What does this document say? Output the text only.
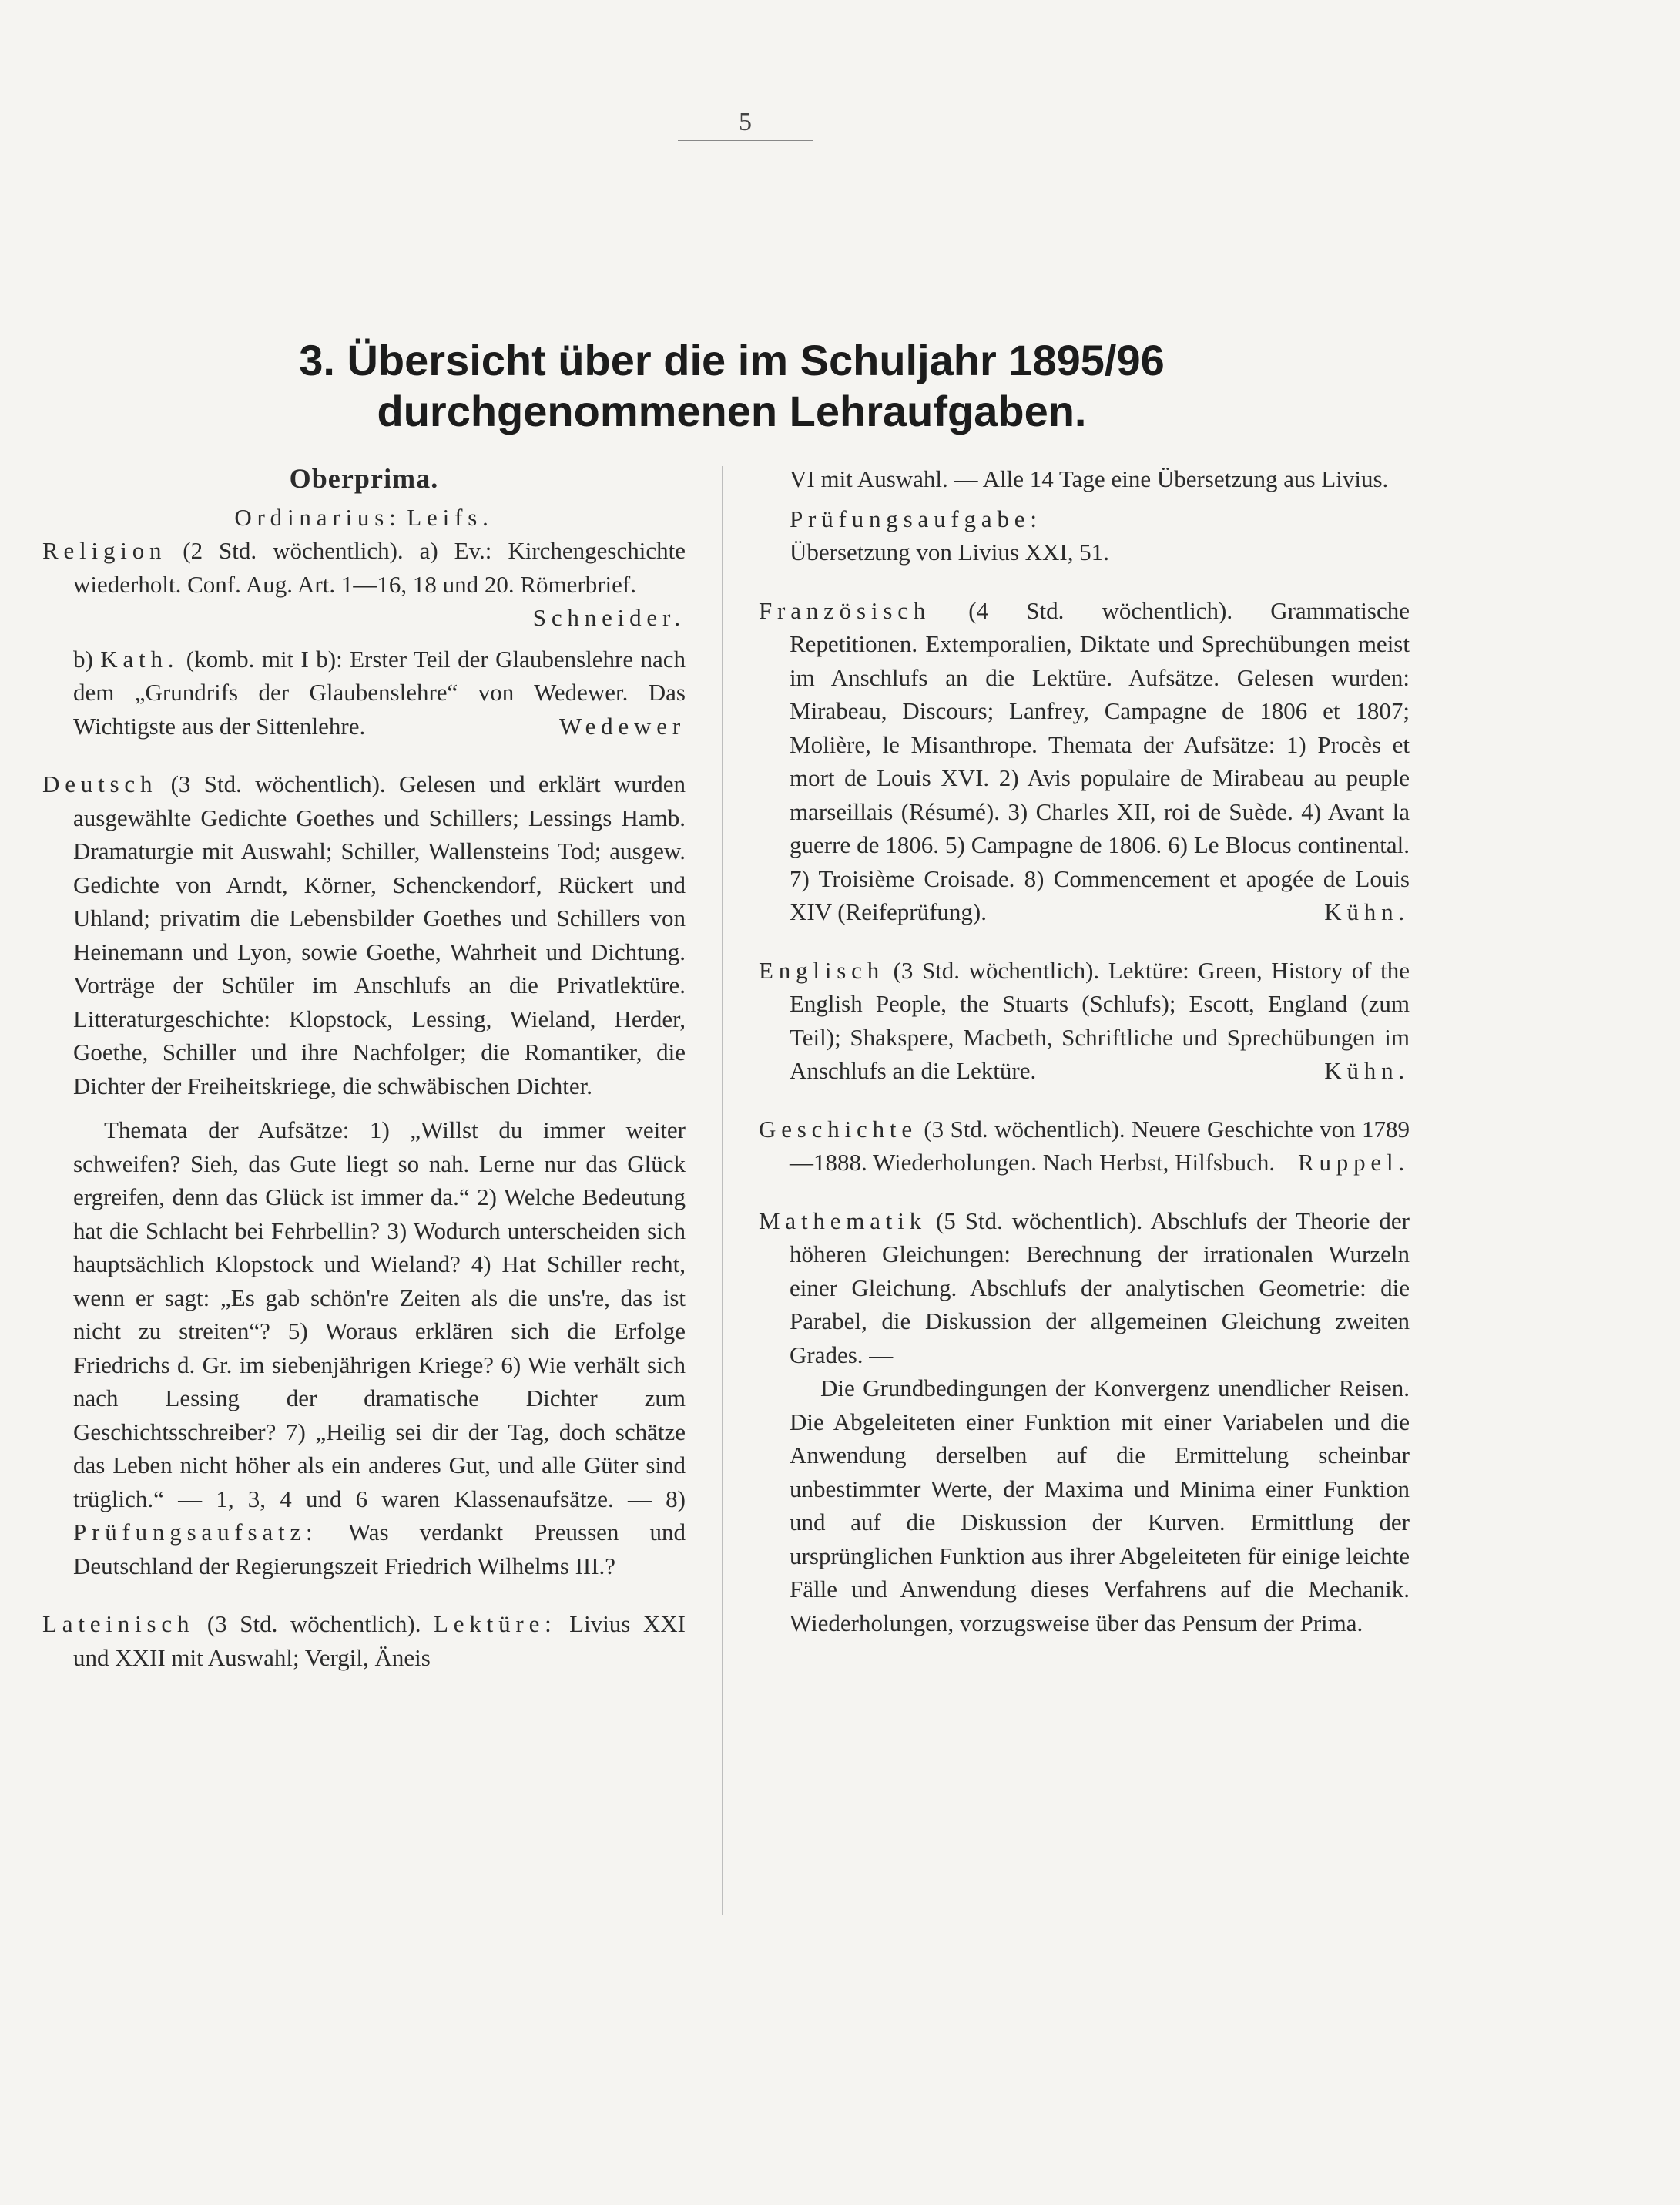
5
3. Übersicht über die im Schuljahr 1895/96
durchgenommenen Lehraufgaben.

Oberprima.

Ordinarius: Leifs.

Religion (2 Std. wöchentlich). a) Ev.: Kirchengeschichte wiederholt. Conf. Aug. Art. 1—16, 18 und 20. Römerbrief.
Schneider.

b) Kath. (komb. mit I b): Erster Teil der Glaubenslehre nach dem „Grundrifs der Glaubenslehre“ von Wedewer. Das Wichtigste aus der Sittenlehre.	Wedewer

Deutsch (3 Std. wöchentlich). Gelesen und erklärt wurden ausgewählte Gedichte Goethes und Schillers; Lessings Hamb. Dramaturgie mit Auswahl; Schiller, Wallensteins Tod; ausgew. Gedichte von Arndt, Körner, Schenckendorf, Rückert und Uhland; privatim die Lebensbilder Goethes und Schillers von Heinemann und Lyon, sowie Goethe, Wahrheit und Dichtung. Vorträge der Schüler im Anschlufs an die Privatlektüre. Litteraturgeschichte: Klopstock, Lessing, Wieland, Herder, Goethe, Schiller und ihre Nachfolger; die Romantiker, die Dichter der Freiheitskriege, die schwäbischen Dichter.

Themata der Aufsätze: 1) „Willst du immer weiter schweifen? Sieh, das Gute liegt so nah. Lerne nur das Glück ergreifen, denn das Glück ist immer da.“ 2) Welche Bedeutung hat die Schlacht bei Fehrbellin? 3) Wodurch unterscheiden sich hauptsächlich Klopstock und Wieland? 4) Hat Schiller recht, wenn er sagt: „Es gab schön're Zeiten als die uns're, das ist nicht zu streiten“? 5) Woraus erklären sich die Erfolge Friedrichs d. Gr. im siebenjährigen Kriege? 6) Wie verhält sich nach Lessing der dramatische Dichter zum Geschichtsschreiber? 7) „Heilig sei dir der Tag, doch schätze das Leben nicht höher als ein anderes Gut, und alle Güter sind trüglich.“ — 1, 3, 4 und 6 waren Klassenaufsätze. — 8) Prüfungsaufsatz: Was verdankt Preussen und Deutschland der Regierungszeit Friedrich Wilhelms III.?

Lateinisch (3 Std. wöchentlich). Lektüre: Livius XXI und XXII mit Auswahl; Vergil, Äneis

VI mit Auswahl. — Alle 14 Tage eine Übersetzung aus Livius.

Prüfungsaufgabe:

Übersetzung von Livius XXI, 51.

Französisch (4 Std. wöchentlich). Grammatische Repetitionen. Extemporalien, Diktate und Sprechübungen meist im Anschlufs an die Lektüre. Aufsätze. Gelesen wurden: Mirabeau, Discours; Lanfrey, Campagne de 1806 et 1807; Molière, le Misanthrope. Themata der Aufsätze: 1) Procès et mort de Louis XVI. 2) Avis populaire de Mirabeau au peuple marseillais (Résumé). 3) Charles XII, roi de Suède. 4) Avant la guerre de 1806. 5) Campagne de 1806. 6) Le Blocus continental. 7) Troisième Croisade. 8) Commencement et apogée de Louis XIV (Reifeprüfung).	Kühn.

Englisch (3 Std. wöchentlich). Lektüre: Green, History of the English People, the Stuarts (Schlufs); Escott, England (zum Teil); Shakspere, Macbeth, Schriftliche und Sprechübungen im Anschlufs an die Lektüre.	Kühn.

Geschichte (3 Std. wöchentlich). Neuere Geschichte von 1789—1888. Wiederholungen. Nach Herbst, Hilfsbuch. Ruppel.

Mathematik (5 Std. wöchentlich). Abschlufs der Theorie der höheren Gleichungen: Berechnung der irrationalen Wurzeln einer Gleichung. Abschlufs der analytischen Geometrie: die Parabel, die Diskussion der allgemeinen Gleichung zweiten Grades. —

Die Grundbedingungen der Konvergenz unendlicher Reisen. Die Abgeleiteten einer Funktion mit einer Variabelen und die Anwendung derselben auf die Ermittelung scheinbar unbestimmter Werte, der Maxima und Minima einer Funktion und auf die Diskussion der Kurven. Ermittlung der ursprünglichen Funktion aus ihrer Abgeleiteten für einige leichte Fälle und Anwendung dieses Verfahrens auf die Mechanik. Wiederholungen, vorzugsweise über das Pensum der Prima.
